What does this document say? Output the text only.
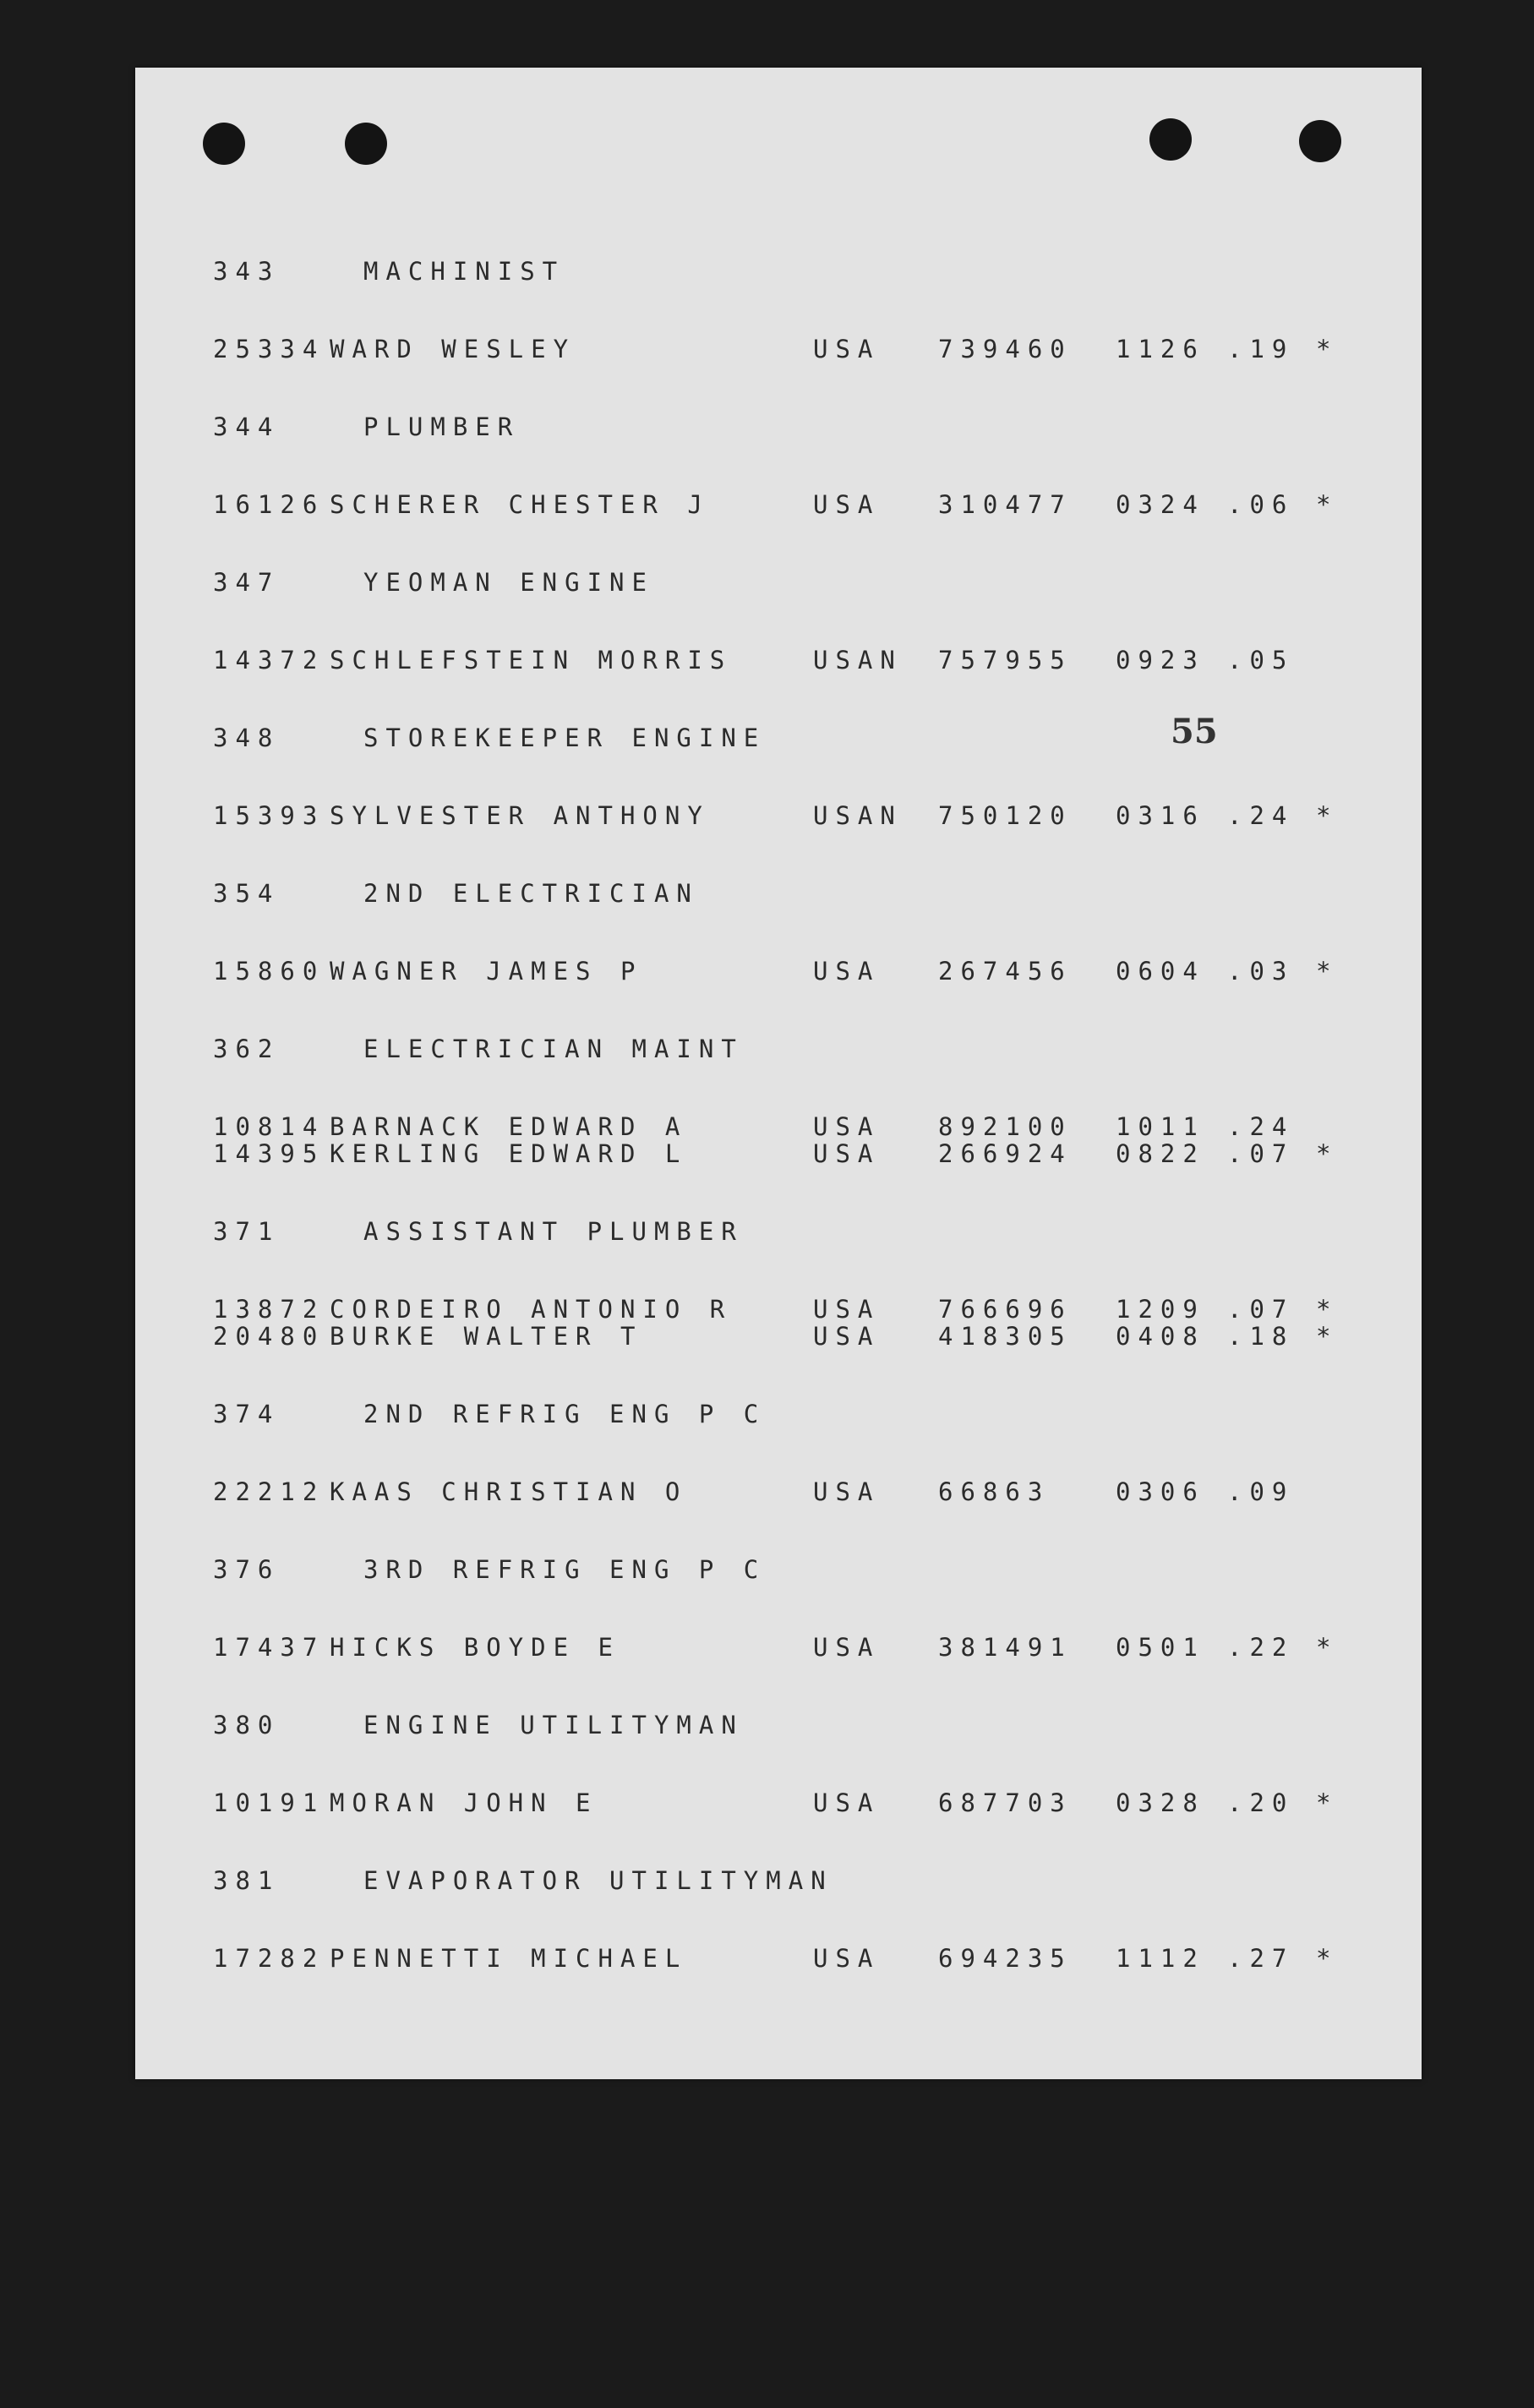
55
343	MACHINIST
25334 WARD WESLEY	USA 739460 1126 .19 *
344	PLUMBER
16126 SCHERER CHESTER J	USA 310477 0324 .06 *
347	YEOMAN ENGINE
14372 SCHLEFSTEIN MORRIS	USAN 757955 0923 .05
348	STOREKEEPER ENGINE
15393 SYLVESTER ANTHONY	USAN 750120 0316 .24 *
354	2ND ELECTRICIAN
15860 WAGNER JAMES P	USA 267456 0604 .03 *
362	ELECTRICIAN MAINT
10814 BARNACK EDWARD A	USA 892100 1011 .24
14395 KERLING EDWARD L	USA 266924 0822 .07 *
371	ASSISTANT PLUMBER
13872 CORDEIRO ANTONIO R	USA 766696 1209 .07 *
20480 BURKE WALTER T	USA 418305 0408 .18 *
374	2ND REFRIG ENG P C
22212 KAAS CHRISTIAN O	USA 66863	0306 .09
376	3RD REFRIG ENG P C
17437 HICKS BOYDE E	USA 381491 0501 .22 *
380	ENGINE UTILITYMAN
10191 MORAN JOHN E	USA 687703 0328 .20 *
381	EVAPORATOR UTILITYMAN
17282 PENNETTI MICHAEL	USA 694235 1112 .27 *
